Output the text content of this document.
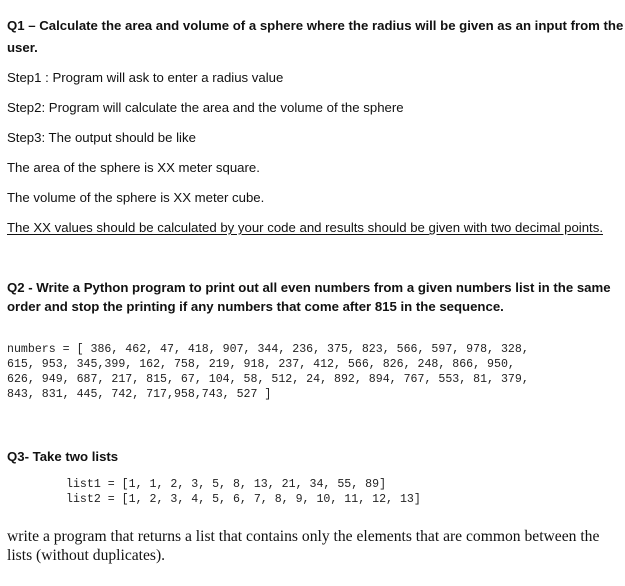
Q1 – Calculate the area and volume of a sphere where the radius will be given as an input from the
user.
Step1 : Program will ask to enter a radius value
Step2: Program will calculate the area and the volume of the sphere
Step3: The output should be like
The area of the sphere is XX meter square.
The volume of the sphere is XX meter cube.
The XX values should be calculated by your code and results should be given with two decimal points.
Q2 - Write a Python program to print out all even numbers from a given numbers list in the same
order and stop the printing if any numbers that come after 815 in the sequence.
numbers = [ 386, 462, 47, 418, 907, 344, 236, 375, 823, 566, 597, 978, 328,
615, 953, 345,399, 162, 758, 219, 918, 237, 412, 566, 826, 248, 866, 950,
626, 949, 687, 217, 815, 67, 104, 58, 512, 24, 892, 894, 767, 553, 81, 379,
843, 831, 445, 742, 717,958,743, 527 ]
Q3- Take two lists
list1 = [1, 1, 2, 3, 5, 8, 13, 21, 34, 55, 89]
list2 = [1, 2, 3, 4, 5, 6, 7, 8, 9, 10, 11, 12, 13]
write a program that returns a list that contains only the elements that are common between the
lists (without duplicates).
